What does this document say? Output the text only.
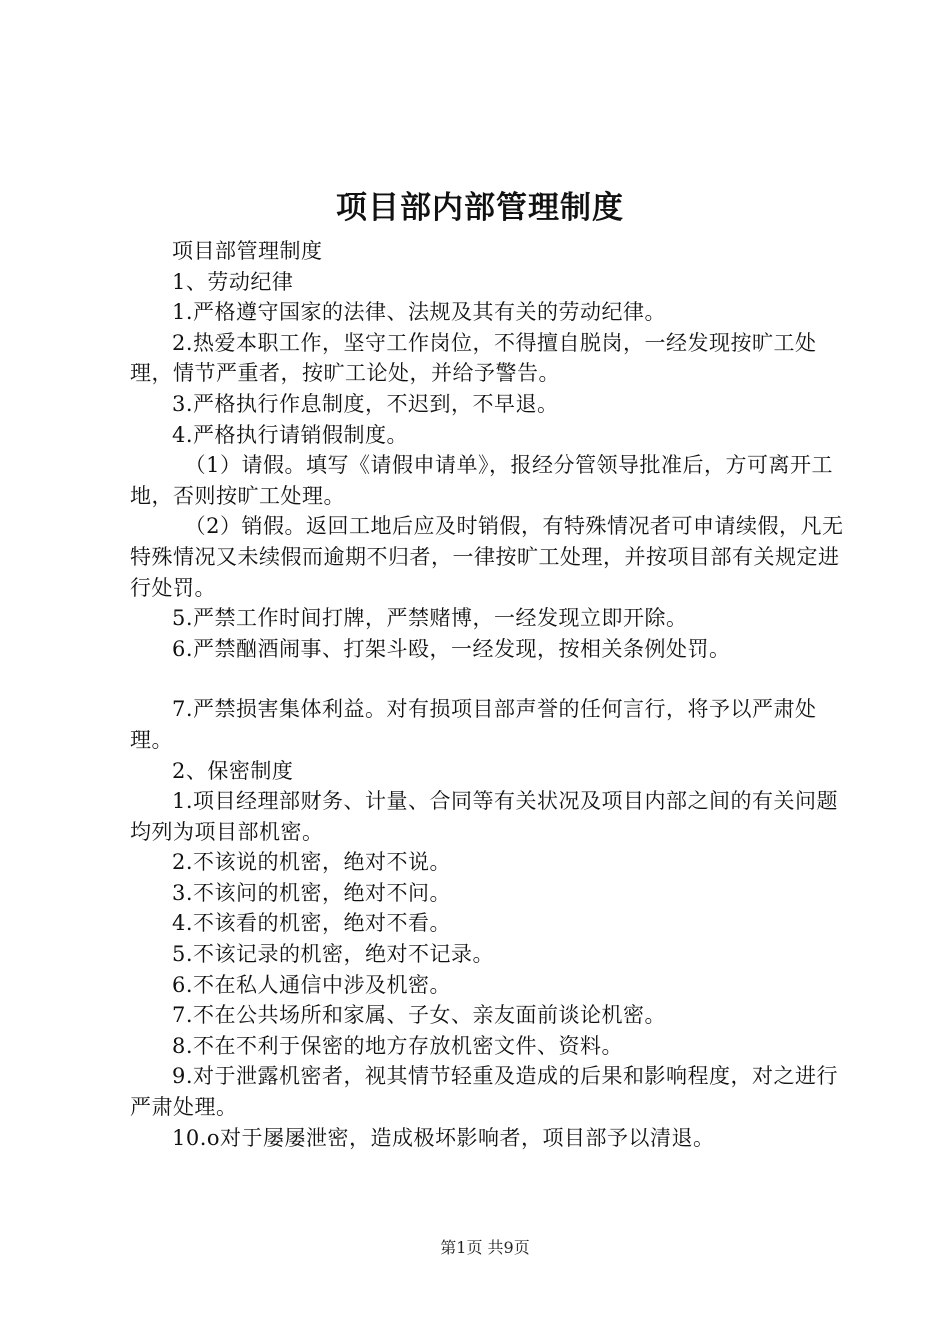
项目部内部管理制度

项目部管理制度

1、劳动纪律

1.严格遵守国家的法律、法规及其有关的劳动纪律。

2.热爱本职工作，坚守工作岗位，不得擅自脱岗，一经发现按旷工处理，情节严重者，按旷工论处，并给予警告。

3.严格执行作息制度，不迟到，不早退。

4.严格执行请销假制度。

（1）请假。填写《请假申请单》，报经分管领导批准后，方可离开工地，否则按旷工处理。

（2）销假。返回工地后应及时销假，有特殊情况者可申请续假，凡无特殊情况又未续假而逾期不归者，一律按旷工处理，并按项目部有关规定进行处罚。

5.严禁工作时间打牌，严禁赌博，一经发现立即开除。

6.严禁酗酒闹事、打架斗殴，一经发现，按相关条例处罚。

7.严禁损害集体利益。对有损项目部声誉的任何言行，将予以严肃处理。

2、保密制度

1.项目经理部财务、计量、合同等有关状况及项目内部之间的有关问题均列为项目部机密。

2.不该说的机密，绝对不说。

3.不该问的机密，绝对不问。

4.不该看的机密，绝对不看。

5.不该记录的机密，绝对不记录。

6.不在私人通信中涉及机密。

7.不在公共场所和家属、子女、亲友面前谈论机密。

8.不在不利于保密的地方存放机密文件、资料。

9.对于泄露机密者，视其情节轻重及造成的后果和影响程度，对之进行严肃处理。

10.o对于屡屡泄密，造成极坏影响者，项目部予以清退。

第1页 共9页
